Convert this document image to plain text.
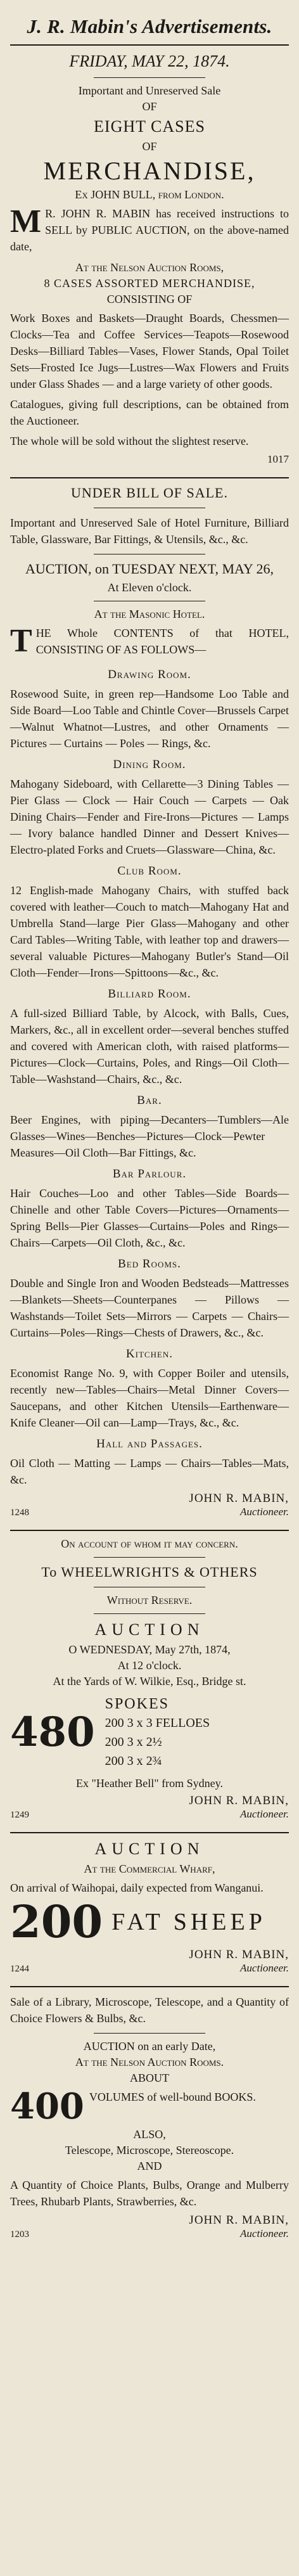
J. R. Mabin's Advertisements.
FRIDAY, MAY 22, 1874.
Important and Unreserved Sale
OF
EIGHT CASES
OF
MERCHANDISE,
Ex JOHN BULL, from London.
M R. JOHN R. MABIN has received instructions to SELL by PUBLIC AUCTION, on the above-named date,
At the Nelson Auction Rooms,
8 CASES ASSORTED MERCHANDISE,
CONSISTING OF
Work Boxes and Baskets—Draught Boards, Chessmen—Clocks—Tea and Coffee Services—Teapots—Rosewood Desks—Billiard Tables—Vases, Flower Stands, Opal Toilet Sets—Frosted Ice Jugs—Lustres—Wax Flowers and Fruits under Glass Shades — and a large variety of other goods.
Catalogues, giving full descriptions, can be obtained from the Auctioneer.
The whole will be sold without the slightest reserve.
1017
UNDER BILL OF SALE.
Important and Unreserved Sale of Hotel Furniture, Billiard Table, Glassware, Bar Fittings, & Utensils, &c., &c.
AUCTION, on TUESDAY NEXT, MAY 26,
At Eleven o'clock.
At the Masonic Hotel.
THE Whole CONTENTS of that HOTEL, CONSISTING OF AS FOLLOWS—
Drawing Room.
Rosewood Suite, in green rep—Handsome Loo Table and Side Board—Loo Table and Chintle Cover—Brussels Carpet—Walnut Whatnot—Lustres, and other Ornaments — Pictures — Curtains — Poles — Rings, &c.
Dining Room.
Mahogany Sideboard, with Cellarette—3 Dining Tables — Pier Glass — Clock — Hair Couch — Carpets — Oak Dining Chairs—Fender and Fire-Irons—Pictures — Lamps — Ivory balance handled Dinner and Dessert Knives—Electro-plated Forks and Cruets—Glassware—China, &c.
Club Room.
12 English-made Mahogany Chairs, with stuffed back covered with leather—Couch to match—Mahogany Hat and Umbrella Stand—large Pier Glass—Mahogany and other Card Tables—Writing Table, with leather top and drawers—several valuable Pictures—Mahogany Butler's Stand—Oil Cloth—Fender—Irons—Spittoons—&c., &c.
Billiard Room.
A full-sized Billiard Table, by Alcock, with Balls, Cues, Markers, &c., all in excellent order—several benches stuffed and covered with American cloth, with raised platforms—Pictures—Clock—Curtains, Poles, and Rings—Oil Cloth—Table—Washstand—Chairs, &c., &c.
Bar.
Beer Engines, with piping—Decanters—Tumblers—Ale Glasses—Wines—Benches—Pictures—Clock—Pewter Measures—Oil Cloth—Bar Fittings, &c.
Bar Parlour.
Hair Couches—Loo and other Tables—Side Boards—Chinelle and other Table Covers—Pictures—Ornaments—Spring Bells—Pier Glasses—Curtains—Poles and Rings—Chairs—Carpets—Oil Cloth, &c., &c.
Bed Rooms.
Double and Single Iron and Wooden Bedsteads—Mattresses—Blankets—Sheets—Counterpanes — Pillows — Washstands—Toilet Sets—Mirrors — Carpets — Chairs—Curtains—Poles—Rings—Chests of Drawers, &c., &c.
Kitchen.
Economist Range No. 9, with Copper Boiler and utensils, recently new—Tables—Chairs—Metal Dinner Covers—Saucepans, and other Kitchen Utensils—Earthenware—Knife Cleaner—Oil can—Lamp—Trays, &c., &c.
Hall and Passages.
Oil Cloth — Matting — Lamps — Chairs—Tables—Mats, &c.
1248
JOHN R. MABIN,
Auctioneer.
On account of whom it may concern.
To WHEELWRIGHTS & OTHERS
Without Reserve.
AUCTION
O WEDNESDAY, May 27th, 1874,
At 12 o'clock.
At the Yards of W. Wilkie, Esq., Bridge st.
480
SPOKES
200 3 x 3 FELLOES
200 3 x 2½
200 3 x 2¾
Ex "Heather Bell" from Sydney.
1249
JOHN R. MABIN,
Auctioneer.
AUCTION
At the Commercial Wharf,
On arrival of Waihopai, daily expected from Wanganui.
200 FAT SHEEP
1244
JOHN R. MABIN,
Auctioneer.
Sale of a Library, Microscope, Telescope, and a Quantity of Choice Flowers & Bulbs, &c.
AUCTION on an early Date,
At the Nelson Auction Rooms.
ABOUT
400 VOLUMES of well-bound BOOKS.
ALSO,
Telescope, Microscope, Stereoscope.
AND
A Quantity of Choice Plants, Bulbs, Orange and Mulberry Trees, Rhubarb Plants, Strawberries, &c.
1203
JOHN R. MABIN,
Auctioneer.
